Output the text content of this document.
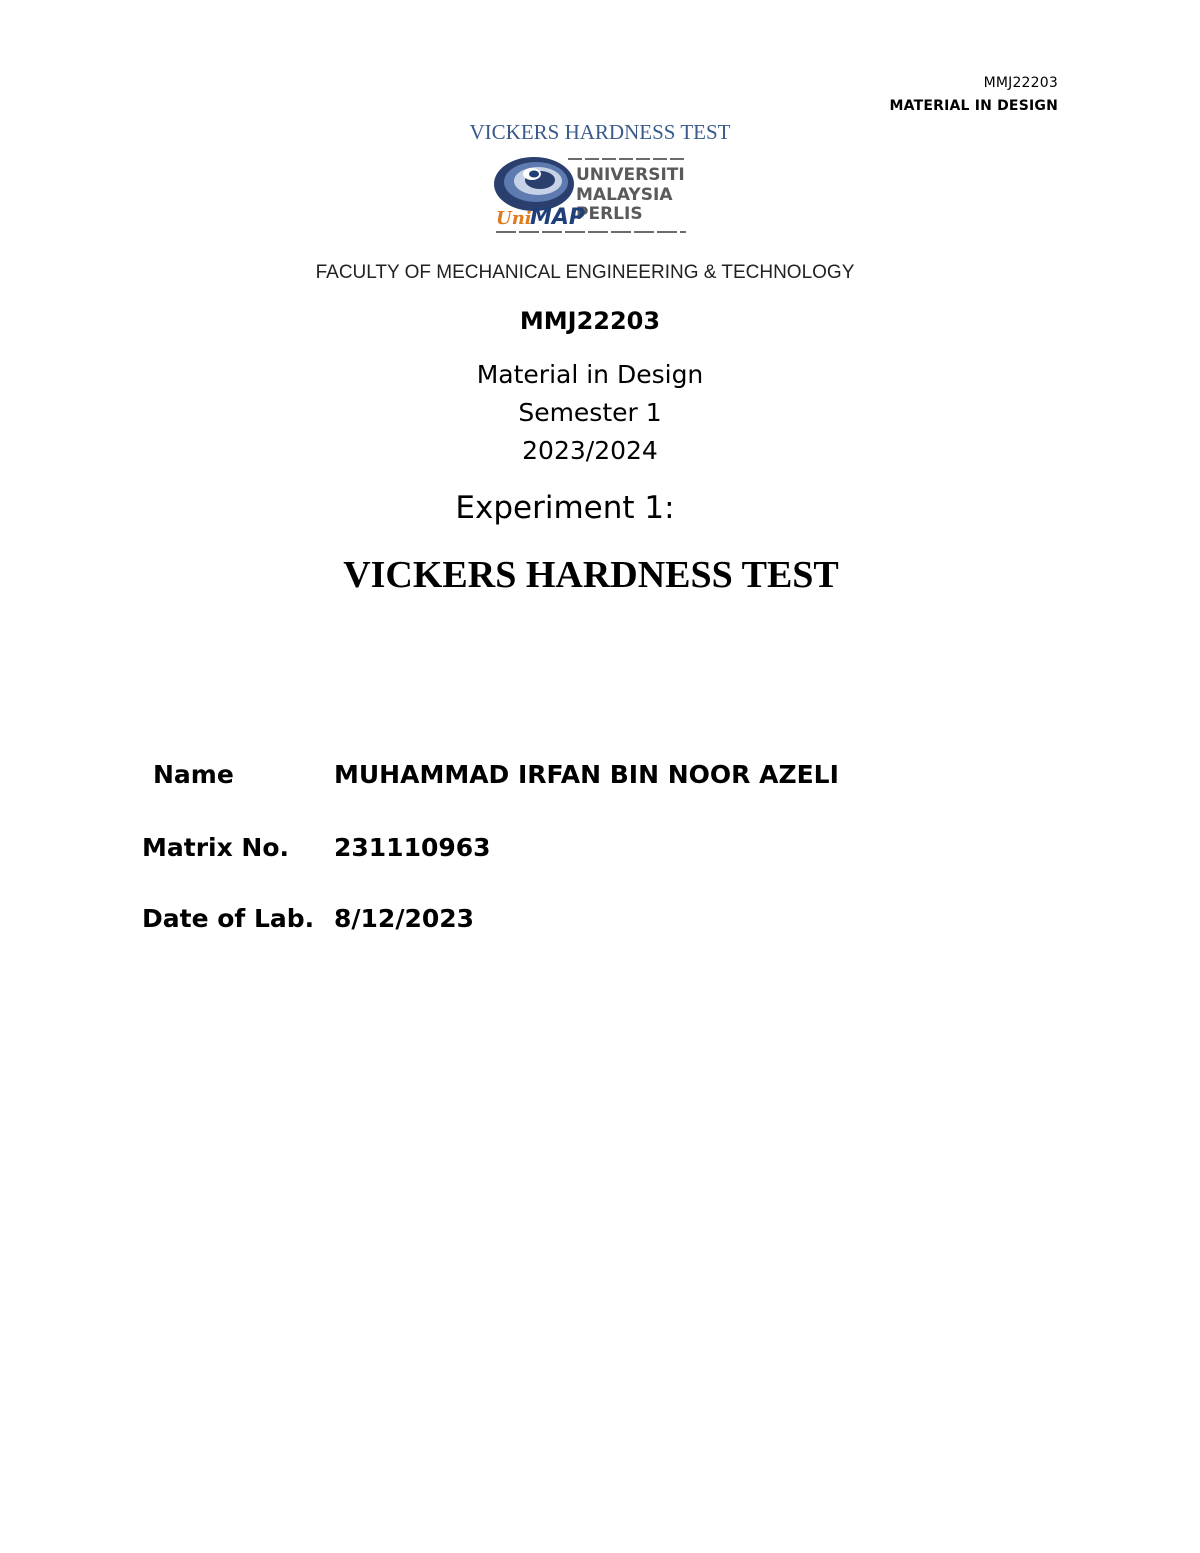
MMJ22203
MATERIAL IN DESIGN
VICKERS HARDNESS TEST
UNIVERSITI
MALAYSIA
PERLIS
Uni
MAP
FACULTY OF MECHANICAL ENGINEERING & TECHNOLOGY
MMJ22203
Material in Design
Semester 1
2023/2024
Experiment 1:
VICKERS HARDNESS TEST
Name	MUHAMMAD IRFAN BIN NOOR AZELI
Matrix No. 231110963
Date of Lab. 8/12/2023
